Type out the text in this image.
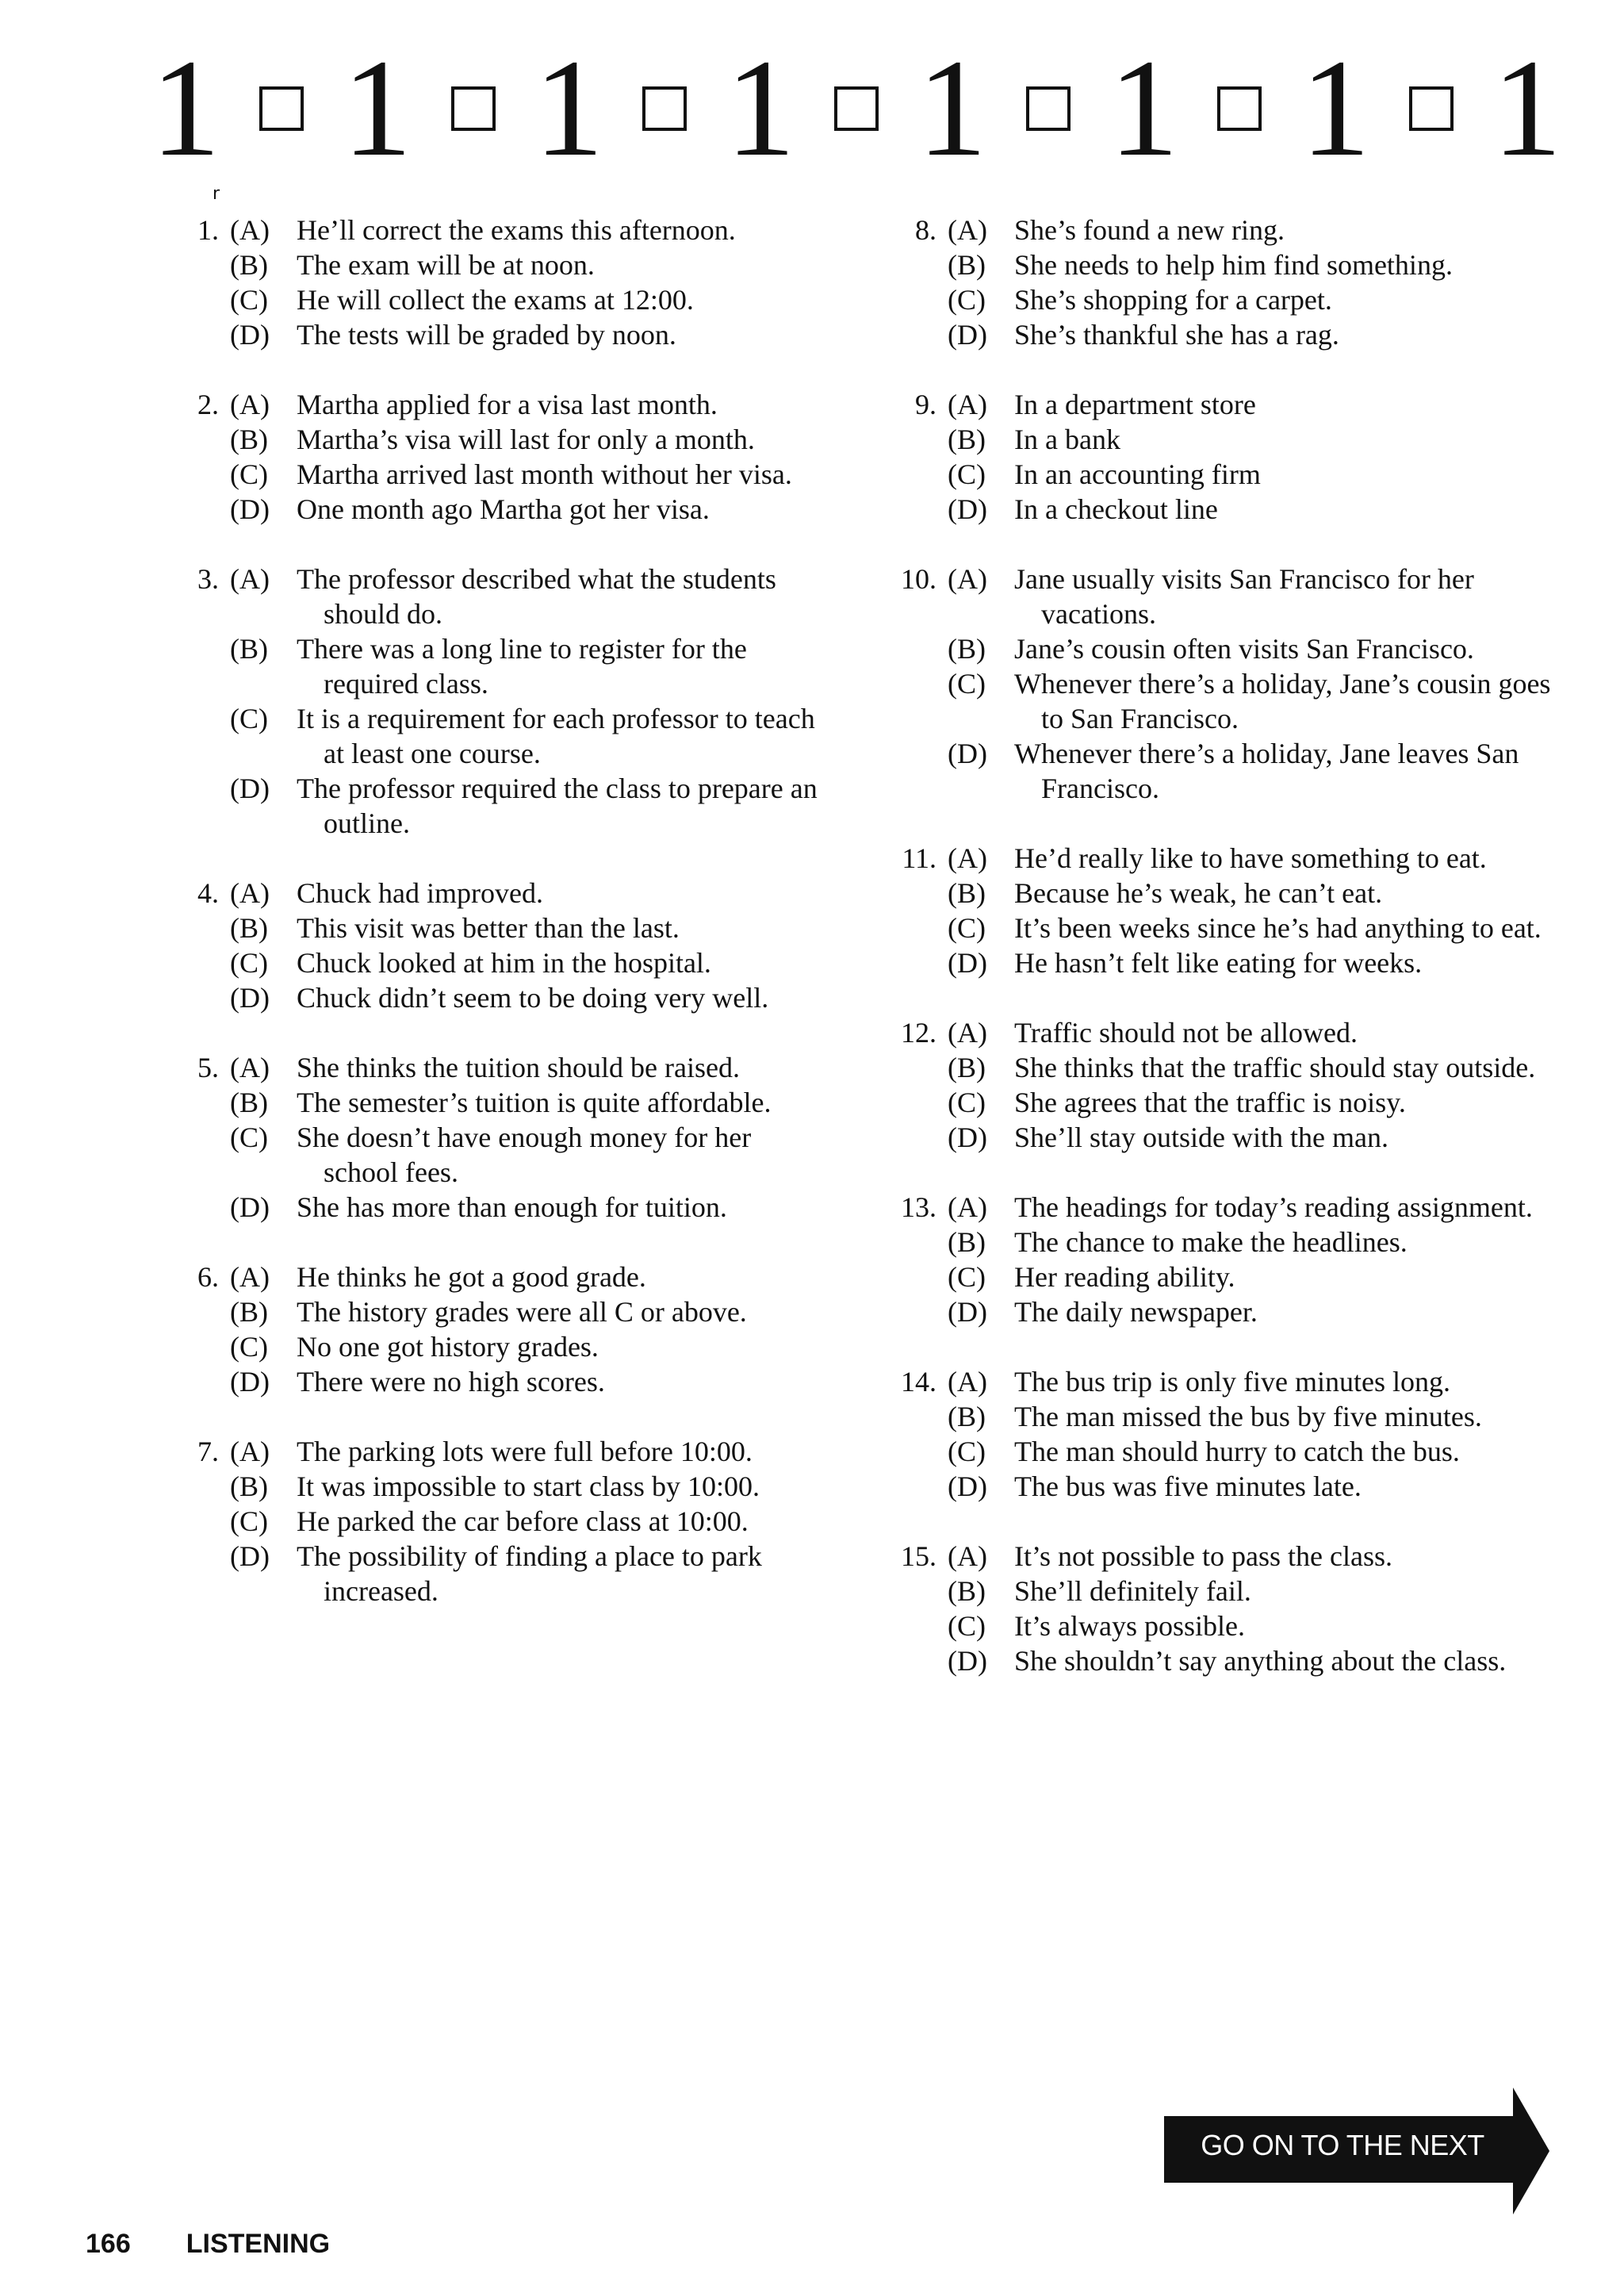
1 1 1 1 1 1 1 1
r
1. (A) He’ll correct the exams this afternoon.
(B)	The exam will be at noon.
(C)	He will collect the exams at 12:00.
(D) The tests will be graded by noon.
2. (A) Martha applied for a visa last month.
(B)	Martha’s visa will last for only a month.
(C)	Martha arrived last month without her visa.
(D) One month ago Martha got her visa.
3. (A) The professor described what the students should do.
(B)	There was a long line to register for the required class.
(C)	It is a requirement for each professor to teach at least one course.
(D) The professor required the class to prepare an outline.
4. (A) Chuck had improved.
(B)	This visit was better than the last.
(C)	Chuck looked at him in the hospital.
(D) Chuck didn’t seem to be doing very well.
5. (A) She thinks the tuition should be raised.
(B)	The semester’s tuition is quite affordable.
(C)	She doesn’t have enough money for her school fees.
(D) She has more than enough for tuition.
6. (A) He thinks he got a good grade.
(B)	The history grades were all C or above.
(C)	No one got history grades.
(D) There were no high scores.
7. (A) The parking lots were full before 10:00.
(B)	It was impossible to start class by 10:00.
(C)	He parked the car before class at 10:00.
(D) The possibility of finding a place to park increased.
8. (A) She’s found a new ring.
(B)	She needs to help him find something.
(C)	She’s shopping for a carpet.
(D) She’s thankful she has a rag.
9. (A) In a department store
(B)	In a bank
(C)	In an accounting firm
(D) In a checkout line
10. (A) Jane usually visits San Francisco for her vacations.
(B)	Jane’s cousin often visits San Francisco.
(C)	Whenever there’s a holiday, Jane’s cousin goes to San Francisco.
(D) Whenever there’s a holiday, Jane leaves San Francisco.
11. (A) He’d really like to have something to eat.
(B)	Because he’s weak, he can’t eat.
(C)	It’s been weeks since he’s had anything to eat.
(D) He hasn’t felt like eating for weeks.
12. (A) Traffic should not be allowed.
(B)	She thinks that the traffic should stay outside.
(C)	She agrees that the traffic is noisy.
(D) She’ll stay outside with the man.
13. (A) The headings for today’s reading assignment.
(B)	The chance to make the headlines.
(C)	Her reading ability.
(D) The daily newspaper.
14. (A) The bus trip is only five minutes long.
(B)	The man missed the bus by five minutes.
(C)	The man should hurry to catch the bus.
(D) The bus was five minutes late.
15. (A) It’s not possible to pass the class.
(B)	She’ll definitely fail.
(C)	It’s always possible.
(D) She shouldn’t say anything about the class.
GO ON TO THE NEXT PAGE
166 LISTENING
